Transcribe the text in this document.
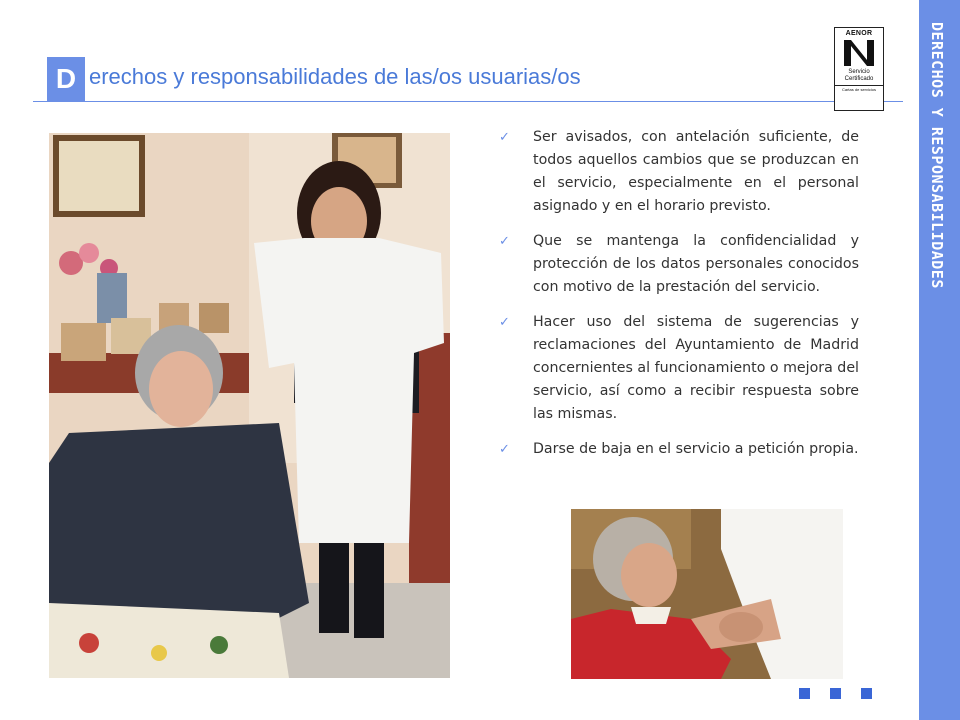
D erechos y responsabilidades de las/os usuarias/os
AENOR
Servicio
Certificado
Cartas de servicios	DERECHOS Y RESPONSABILIDADES
✓ Ser avisados, con antelación suficiente, de todos aquellos cambios que se produzcan en el servicio, especialmente en el personal asignado y en el horario previsto.
✓ Que se mantenga la confidencialidad y protección de los datos personales conocidos con motivo de la prestación del servicio.
✓ Hacer uso del sistema de sugerencias y reclamaciones del Ayuntamiento de Madrid concernientes al funcionamiento o mejora del servicio, así como a recibir respuesta sobre las mismas.
✓ Darse de baja en el servicio a petición propia.
